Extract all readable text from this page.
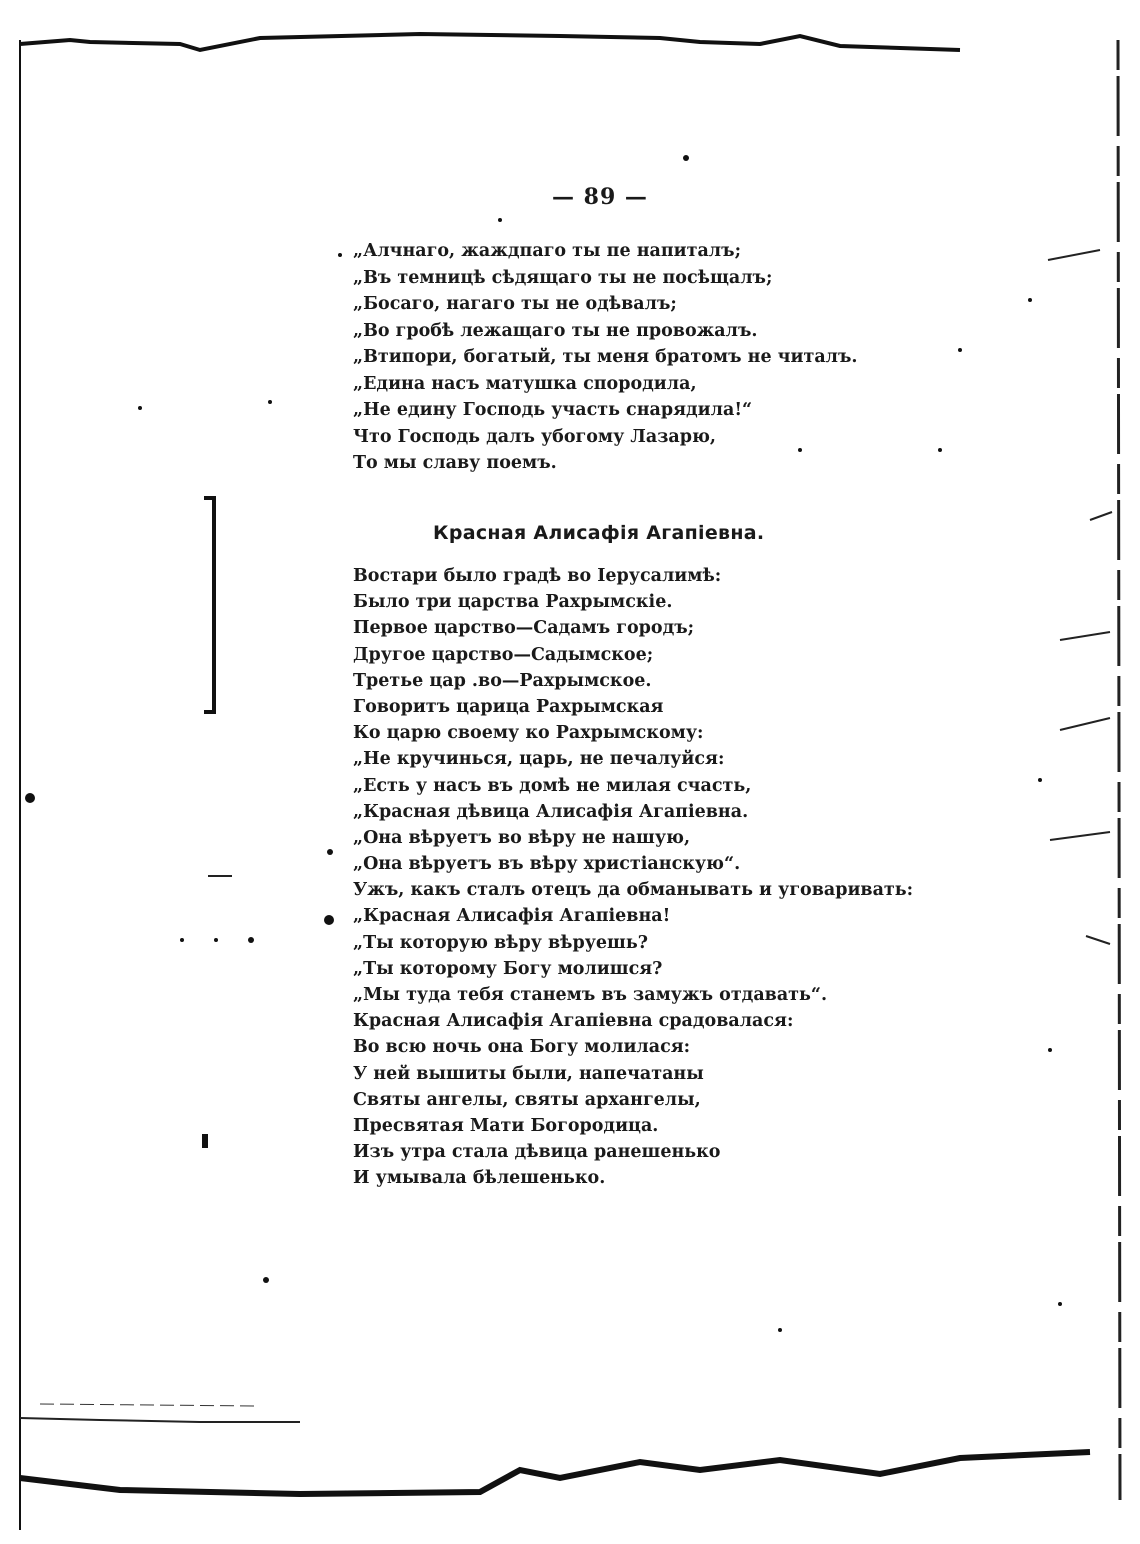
— 89 —
„Алчнаго, жаждпаго ты пе напиталъ;
„Въ темницѣ сѣдящаго ты не посѣщалъ;
„Босаго, нагаго ты не одѣвалъ;
„Во гробѣ лежащаго ты не провожалъ.
„Втипори, богатый, ты меня братомъ не читалъ.
„Едина насъ матушка спородила,
„Не едину Господь участь снарядила!“
Что Господь далъ убогому Лазарю,
То мы славу поемъ.
Красная Алисафія Агапіевна.
Востари было градѣ во Іерусалимѣ:
Было три царства Рахрымскіе.
Первое царство—Садамъ городъ;
Другое царство—Садымское;
Третье цар .во—Рахрымское.
Говоритъ царица Рахрымская
Ко царю своему ко Рахрымскому:
„Не кручинься, царь, не печалуйся:
„Есть у насъ въ домѣ не милая счасть,
„Красная дѣвица Алисафія Агапіевна.
„Она вѣруетъ во вѣру не нашую,
„Она вѣруетъ въ вѣру христіанскую“.
Ужъ, какъ сталъ отецъ да обманывать и уговаривать:
„Красная Алисафія Агапіевна!
„Ты которую вѣру вѣруешь?
„Ты которому Богу молишся?
„Мы туда тебя станемъ въ замужъ отдавать“.
Красная Алисафія Агапіевна срадовалася:
Во всю ночь она Богу молилася:
У ней вышиты были, напечатаны
Святы ангелы, святы архангелы,
Пресвятая Мати Богородица.
Изъ утра стала дѣвица ранешенько
И умывала бѣлешенько.
